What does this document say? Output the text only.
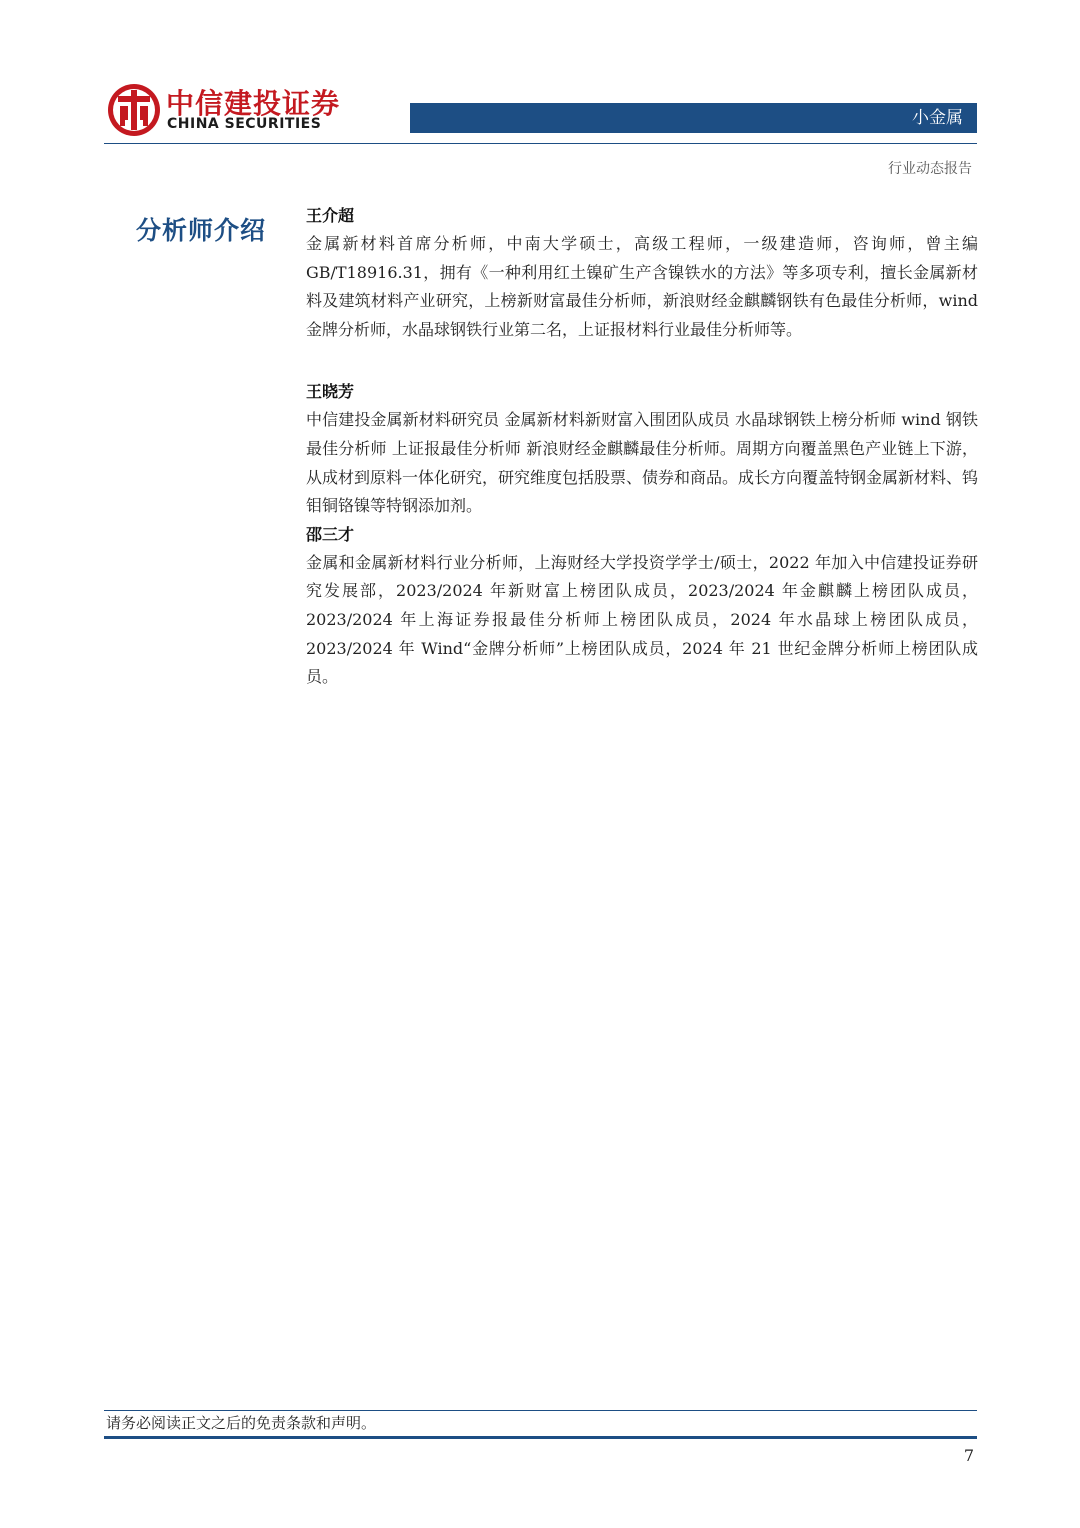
中信建投证券
CHINA SECURITIES	小金属
行业动态报告
分析师介绍
王介超
金属新材料首席分析师，中南大学硕士，高级工程师，一级建造师，咨询师，曾主编GB/T18916.31，拥有《一种利用红土镍矿生产含镍铁水的方法》等多项专利，擅长金属新材料及建筑材料产业研究，上榜新财富最佳分析师，新浪财经金麒麟钢铁有色最佳分析师，wind 金牌分析师，水晶球钢铁行业第二名，上证报材料行业最佳分析师等。
王晓芳
中信建投金属新材料研究员 金属新材料新财富入围团队成员 水晶球钢铁上榜分析师 wind 钢铁最佳分析师 上证报最佳分析师 新浪财经金麒麟最佳分析师。周期方向覆盖黑色产业链上下游，从成材到原料一体化研究，研究维度包括股票、债券和商品。成长方向覆盖特钢金属新材料、钨钼铜铬镍等特钢添加剂。
邵三才
金属和金属新材料行业分析师，上海财经大学投资学学士/硕士，2022 年加入中信建投证券研究发展部，2023/2024 年新财富上榜团队成员，2023/2024 年金麒麟上榜团队成员，2023/2024 年上海证券报最佳分析师上榜团队成员，2024 年水晶球上榜团队成员，2023/2024 年 Wind“金牌分析师”上榜团队成员，2024 年 21 世纪金牌分析师上榜团队成员。
请务必阅读正文之后的免责条款和声明。
7
